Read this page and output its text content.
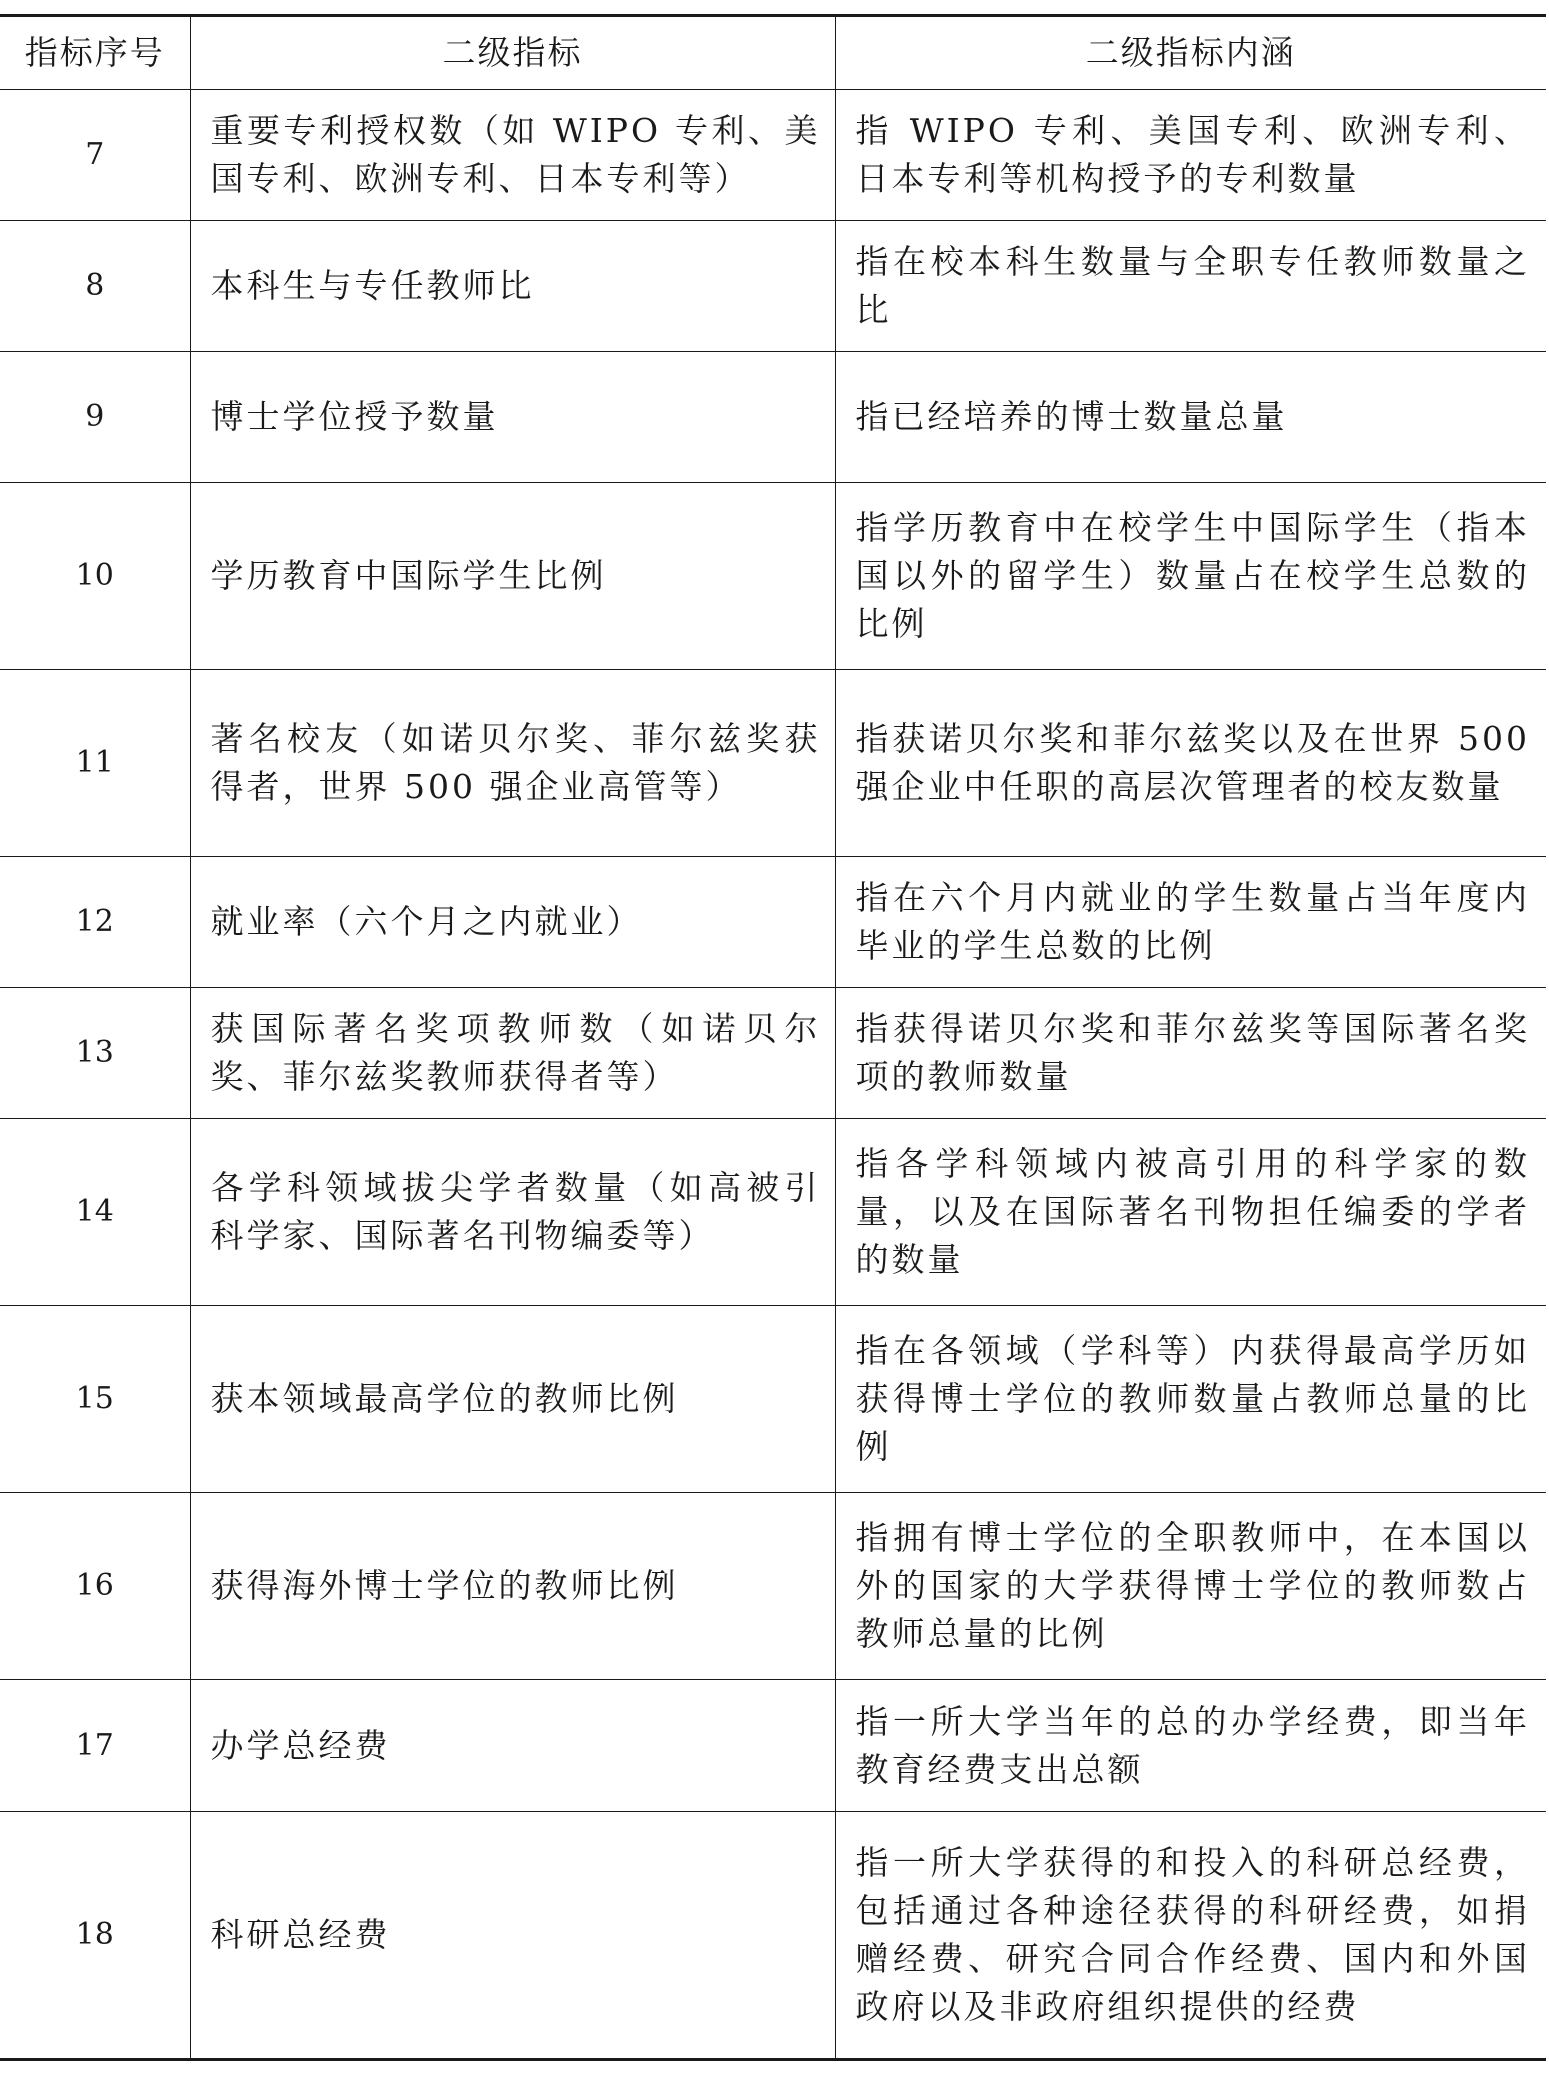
指标序号	二级指标	二级指标内涵
7	重要专利授权数（如 WIPO 专利、美国专利、欧洲专利、日本专利等）	指 WIPO 专利、美国专利、欧洲专利、日本专利等机构授予的专利数量
8	本科生与专任教师比	指在校本科生数量与全职专任教师数量之比
9	博士学位授予数量	指已经培养的博士数量总量
10	学历教育中国际学生比例	指学历教育中在校学生中国际学生（指本国以外的留学生）数量占在校学生总数的比例
11	著名校友（如诺贝尔奖、菲尔兹奖获得者，世界 500 强企业高管等）	指获诺贝尔奖和菲尔兹奖以及在世界 500 强企业中任职的高层次管理者的校友数量
12	就业率（六个月之内就业）	指在六个月内就业的学生数量占当年度内毕业的学生总数的比例
13	获国际著名奖项教师数（如诺贝尔奖、菲尔兹奖教师获得者等）	指获得诺贝尔奖和菲尔兹奖等国际著名奖项的教师数量
14	各学科领域拔尖学者数量（如高被引科学家、国际著名刊物编委等）	指各学科领域内被高引用的科学家的数量，以及在国际著名刊物担任编委的学者的数量
15	获本领域最高学位的教师比例	指在各领域（学科等）内获得最高学历如获得博士学位的教师数量占教师总量的比例
16	获得海外博士学位的教师比例	指拥有博士学位的全职教师中，在本国以外的国家的大学获得博士学位的教师数占教师总量的比例
17	办学总经费	指一所大学当年的总的办学经费，即当年教育经费支出总额
18	科研总经费	指一所大学获得的和投入的科研总经费，包括通过各种途径获得的科研经费，如捐赠经费、研究合同合作经费、国内和外国政府以及非政府组织提供的经费
